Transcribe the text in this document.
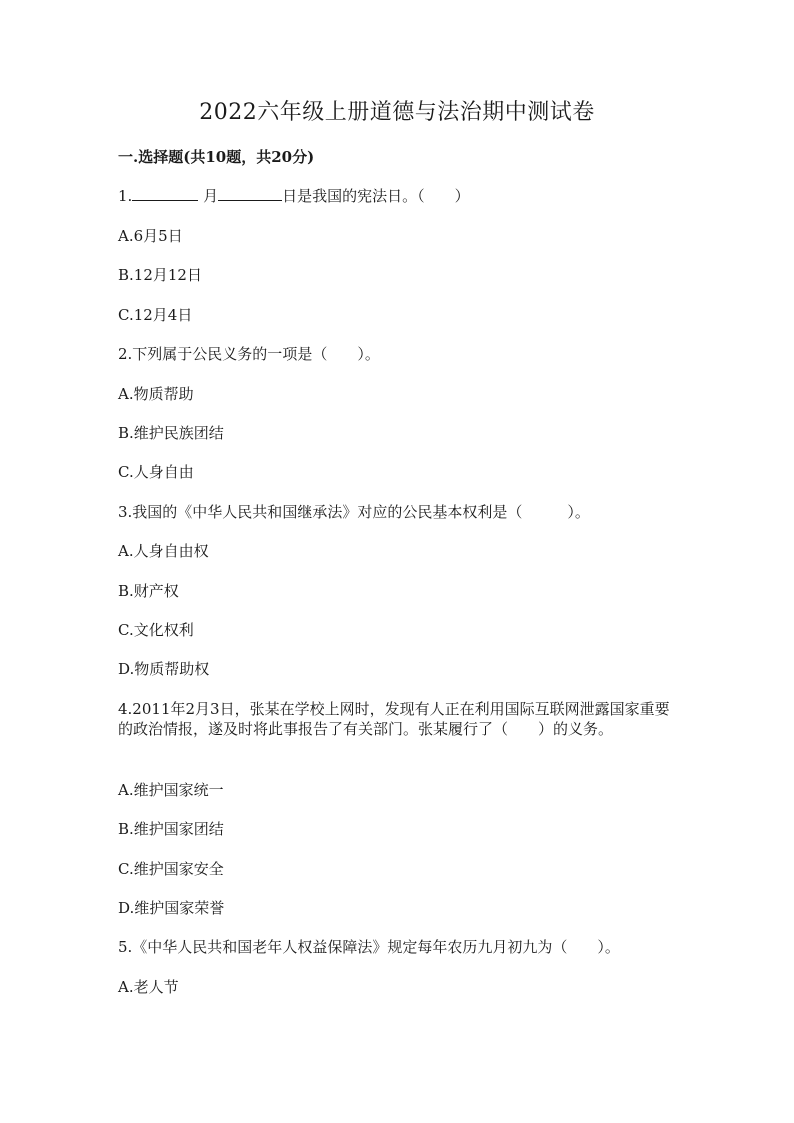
2022六年级上册道德与法治期中测试卷
一.选择题(共10题，共20分)
1.	月	日是我国的宪法日。（　　）
A.6月5日
B.12月12日
C.12月4日
2.下列属于公民义务的一项是（　　）。
A.物质帮助
B.维护民族团结
C.人身自由
3.我国的《中华人民共和国继承法》对应的公民基本权利是（　　　）。
A.人身自由权
B.财产权
C.文化权利
D.物质帮助权
4.2011年2月3日，张某在学校上网时，发现有人正在利用国际互联网泄露国家重要的政治情报，遂及时将此事报告了有关部门。张某履行了（　　）的义务。
A.维护国家统一
B.维护国家团结
C.维护国家安全
D.维护国家荣誉
5.《中华人民共和国老年人权益保障法》规定每年农历九月初九为（　　）。
A.老人节
